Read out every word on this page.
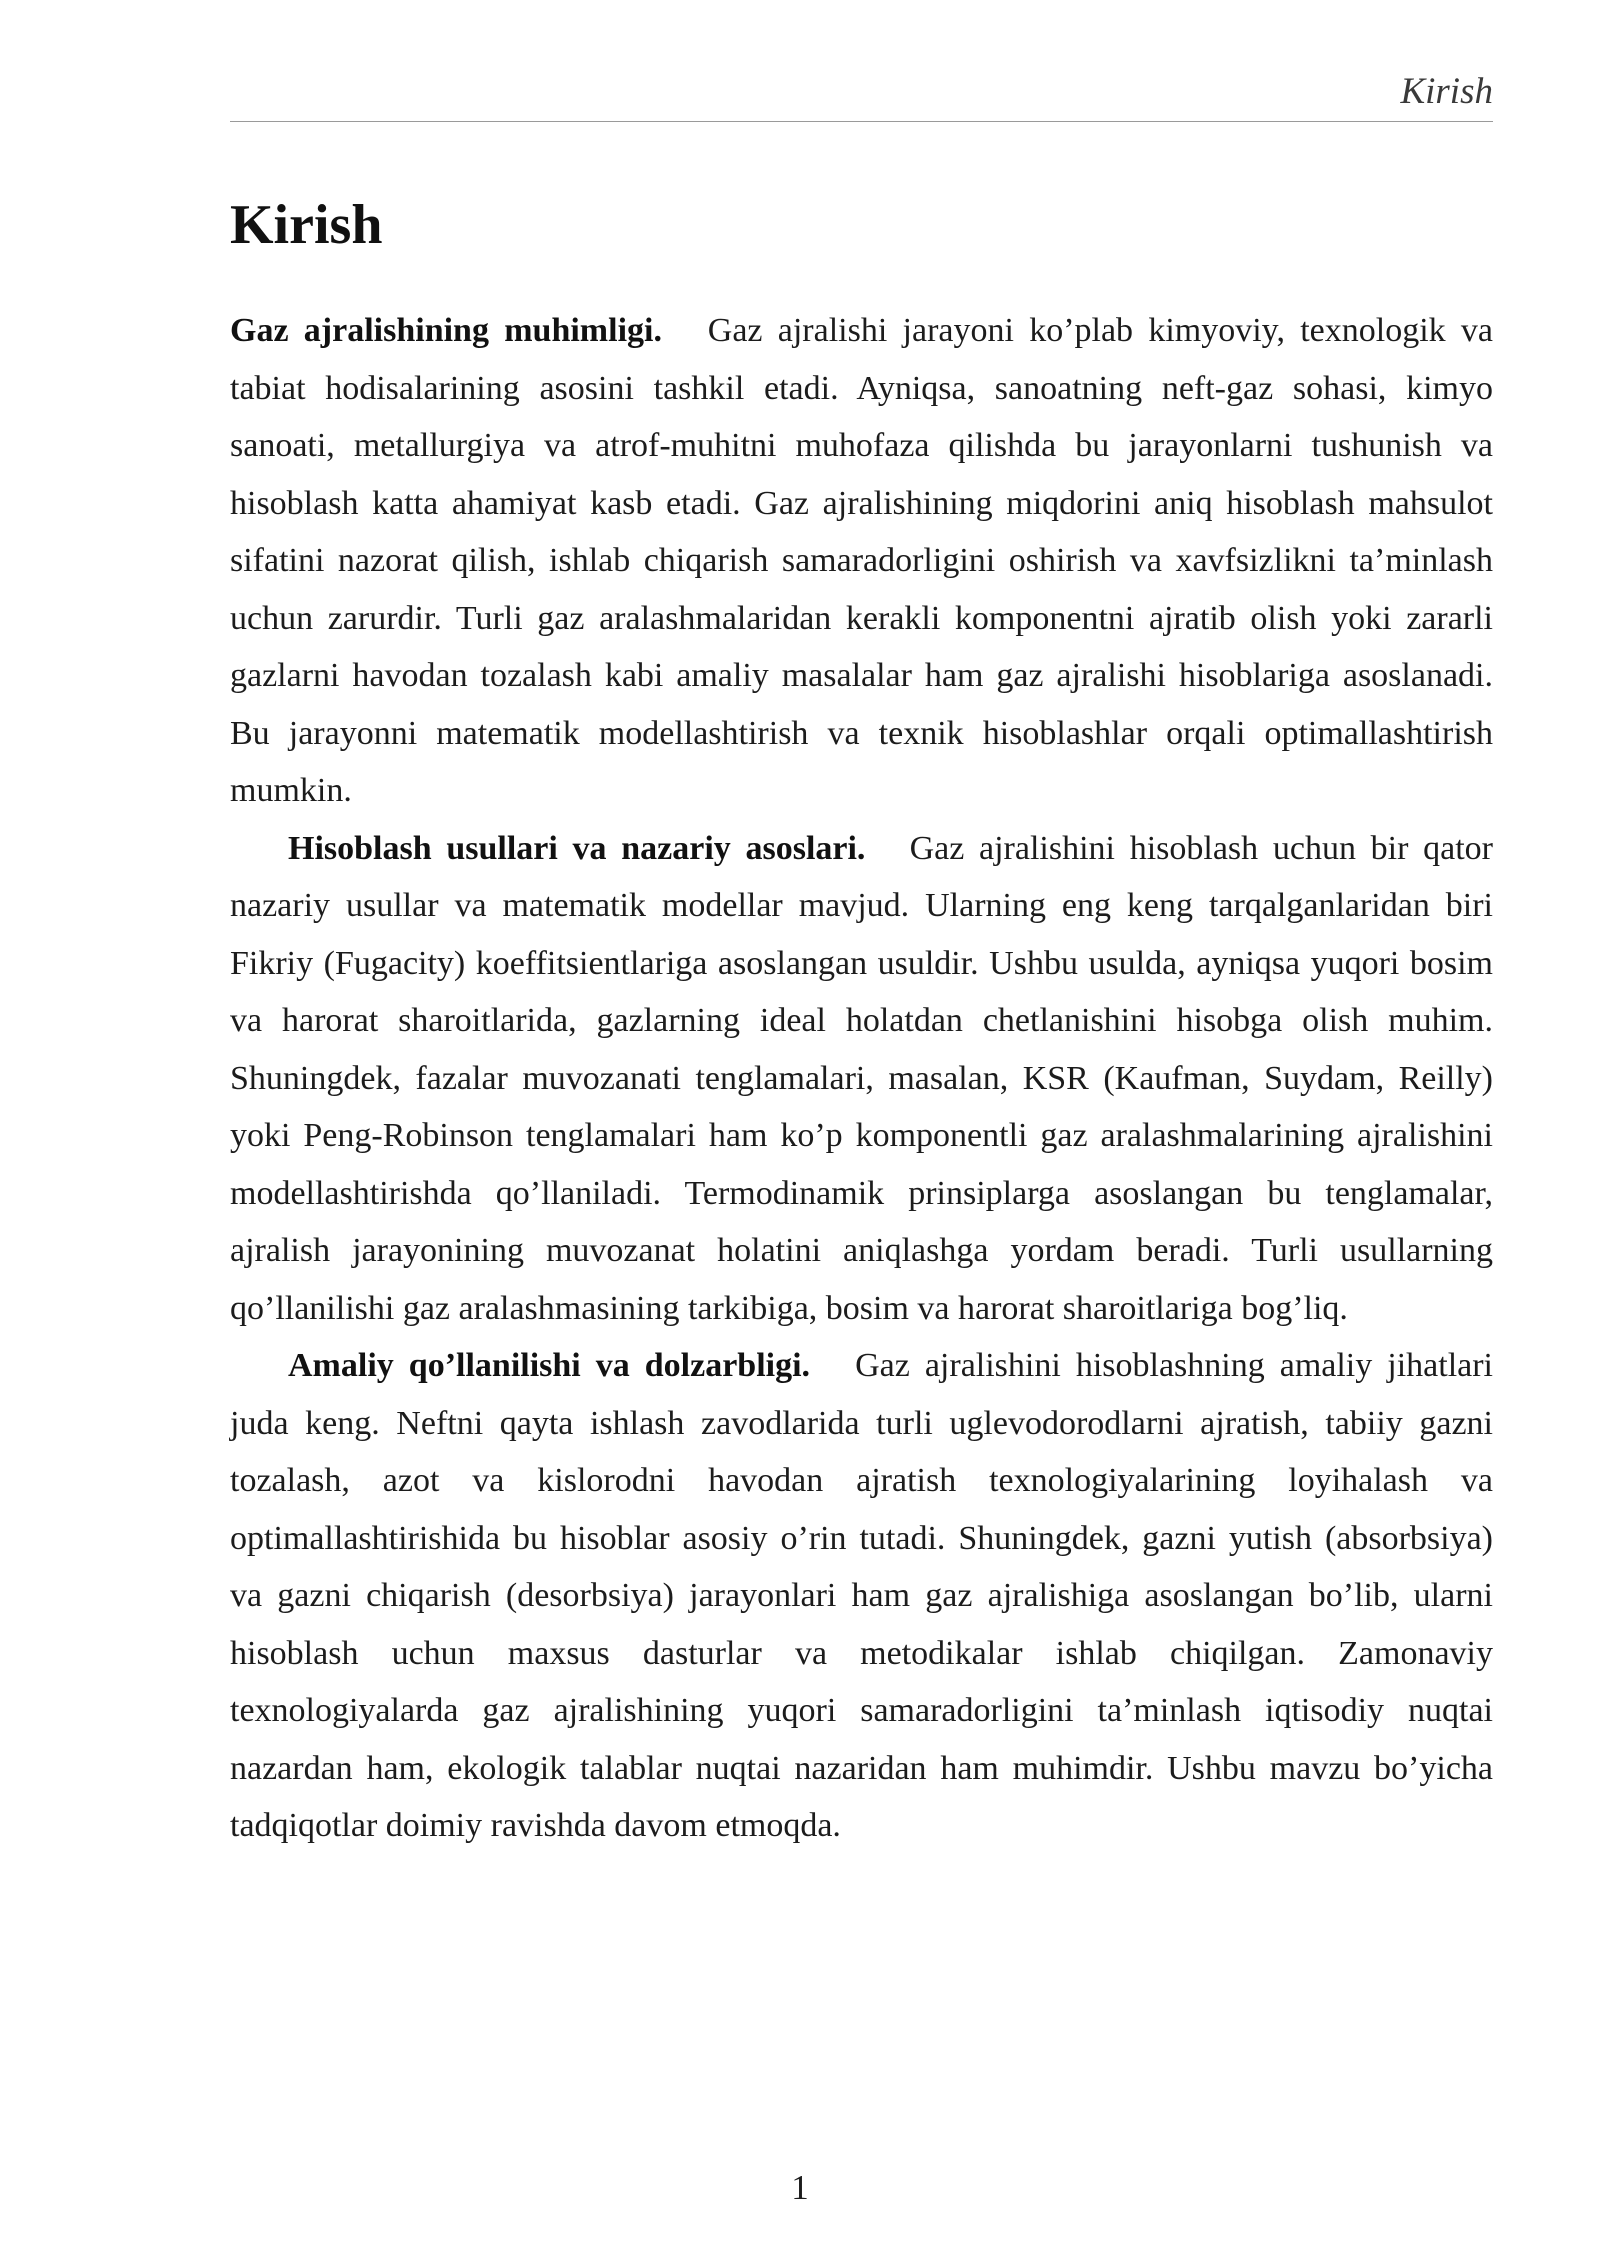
Kirish
Kirish

Gaz ajralishining muhimligi.   Gaz ajralishi jarayoni ko’plab kimyoviy, texnologik va tabiat hodisalarining asosini tashkil etadi. Ayniqsa, sanoatning neft-gaz sohasi, kimyo sanoati, metallurgiya va atrof-muhitni muhofaza qilishda bu jarayonlarni tushunish va hisoblash katta ahamiyat kasb etadi. Gaz ajralishining miqdorini aniq hisoblash mahsulot sifatini nazorat qilish, ishlab chiqarish samaradorligini oshirish va xavfsizlikni ta’minlash uchun zarurdir. Turli gaz aralashmalaridan kerakli komponentni ajratib olish yoki zararli gazlarni havodan tozalash kabi amaliy masalalar ham gaz ajralishi hisoblariga asoslanadi. Bu jarayonni matematik modellashtirish va texnik hisoblashlar orqali optimallashtirish mumkin.

Hisoblash usullari va nazariy asoslari.   Gaz ajralishini hisoblash uchun bir qator nazariy usullar va matematik modellar mavjud. Ularning eng keng tarqalganlaridan biri Fikriy (Fugacity) koeffitsientlariga asoslangan usuldir. Ushbu usulda, ayniqsa yuqori bosim va harorat sharoitlarida, gazlarning ideal holatdan chetlanishini hisobga olish muhim. Shuningdek, fazalar muvozanati tenglamalari, masalan, KSR (Kaufman, Suydam, Reilly) yoki Peng-Robinson tenglamalari ham ko’p komponentli gaz aralashmalarining ajralishini modellashtirishda qo’llaniladi. Termodinamik prinsiplarga asoslangan bu tenglamalar, ajralish jarayonining muvozanat holatini aniqlashga yordam beradi. Turli usullarning qo’llanilishi gaz aralashmasining tarkibiga, bosim va harorat sharoitlariga bog’liq.

Amaliy qo’llanilishi va dolzarbligi.   Gaz ajralishini hisoblashning amaliy jihatlari juda keng. Neftni qayta ishlash zavodlarida turli uglevodorodlarni ajratish, tabiiy gazni tozalash, azot va kislorodni havodan ajratish texnologiyalarining loyihalash va optimallashtirishida bu hisoblar asosiy o’rin tutadi. Shuningdek, gazni yutish (absorbsiya) va gazni chiqarish (desorbsiya) jarayonlari ham gaz ajralishiga asoslangan bo’lib, ularni hisoblash uchun maxsus dasturlar va metodikalar ishlab chiqilgan. Zamonaviy texnologiyalarda gaz ajralishining yuqori samaradorligini ta’minlash iqtisodiy nuqtai nazardan ham, ekologik talablar nuqtai nazaridan ham muhimdir. Ushbu mavzu bo’yicha tadqiqotlar doimiy ravishda davom etmoqda.

1
